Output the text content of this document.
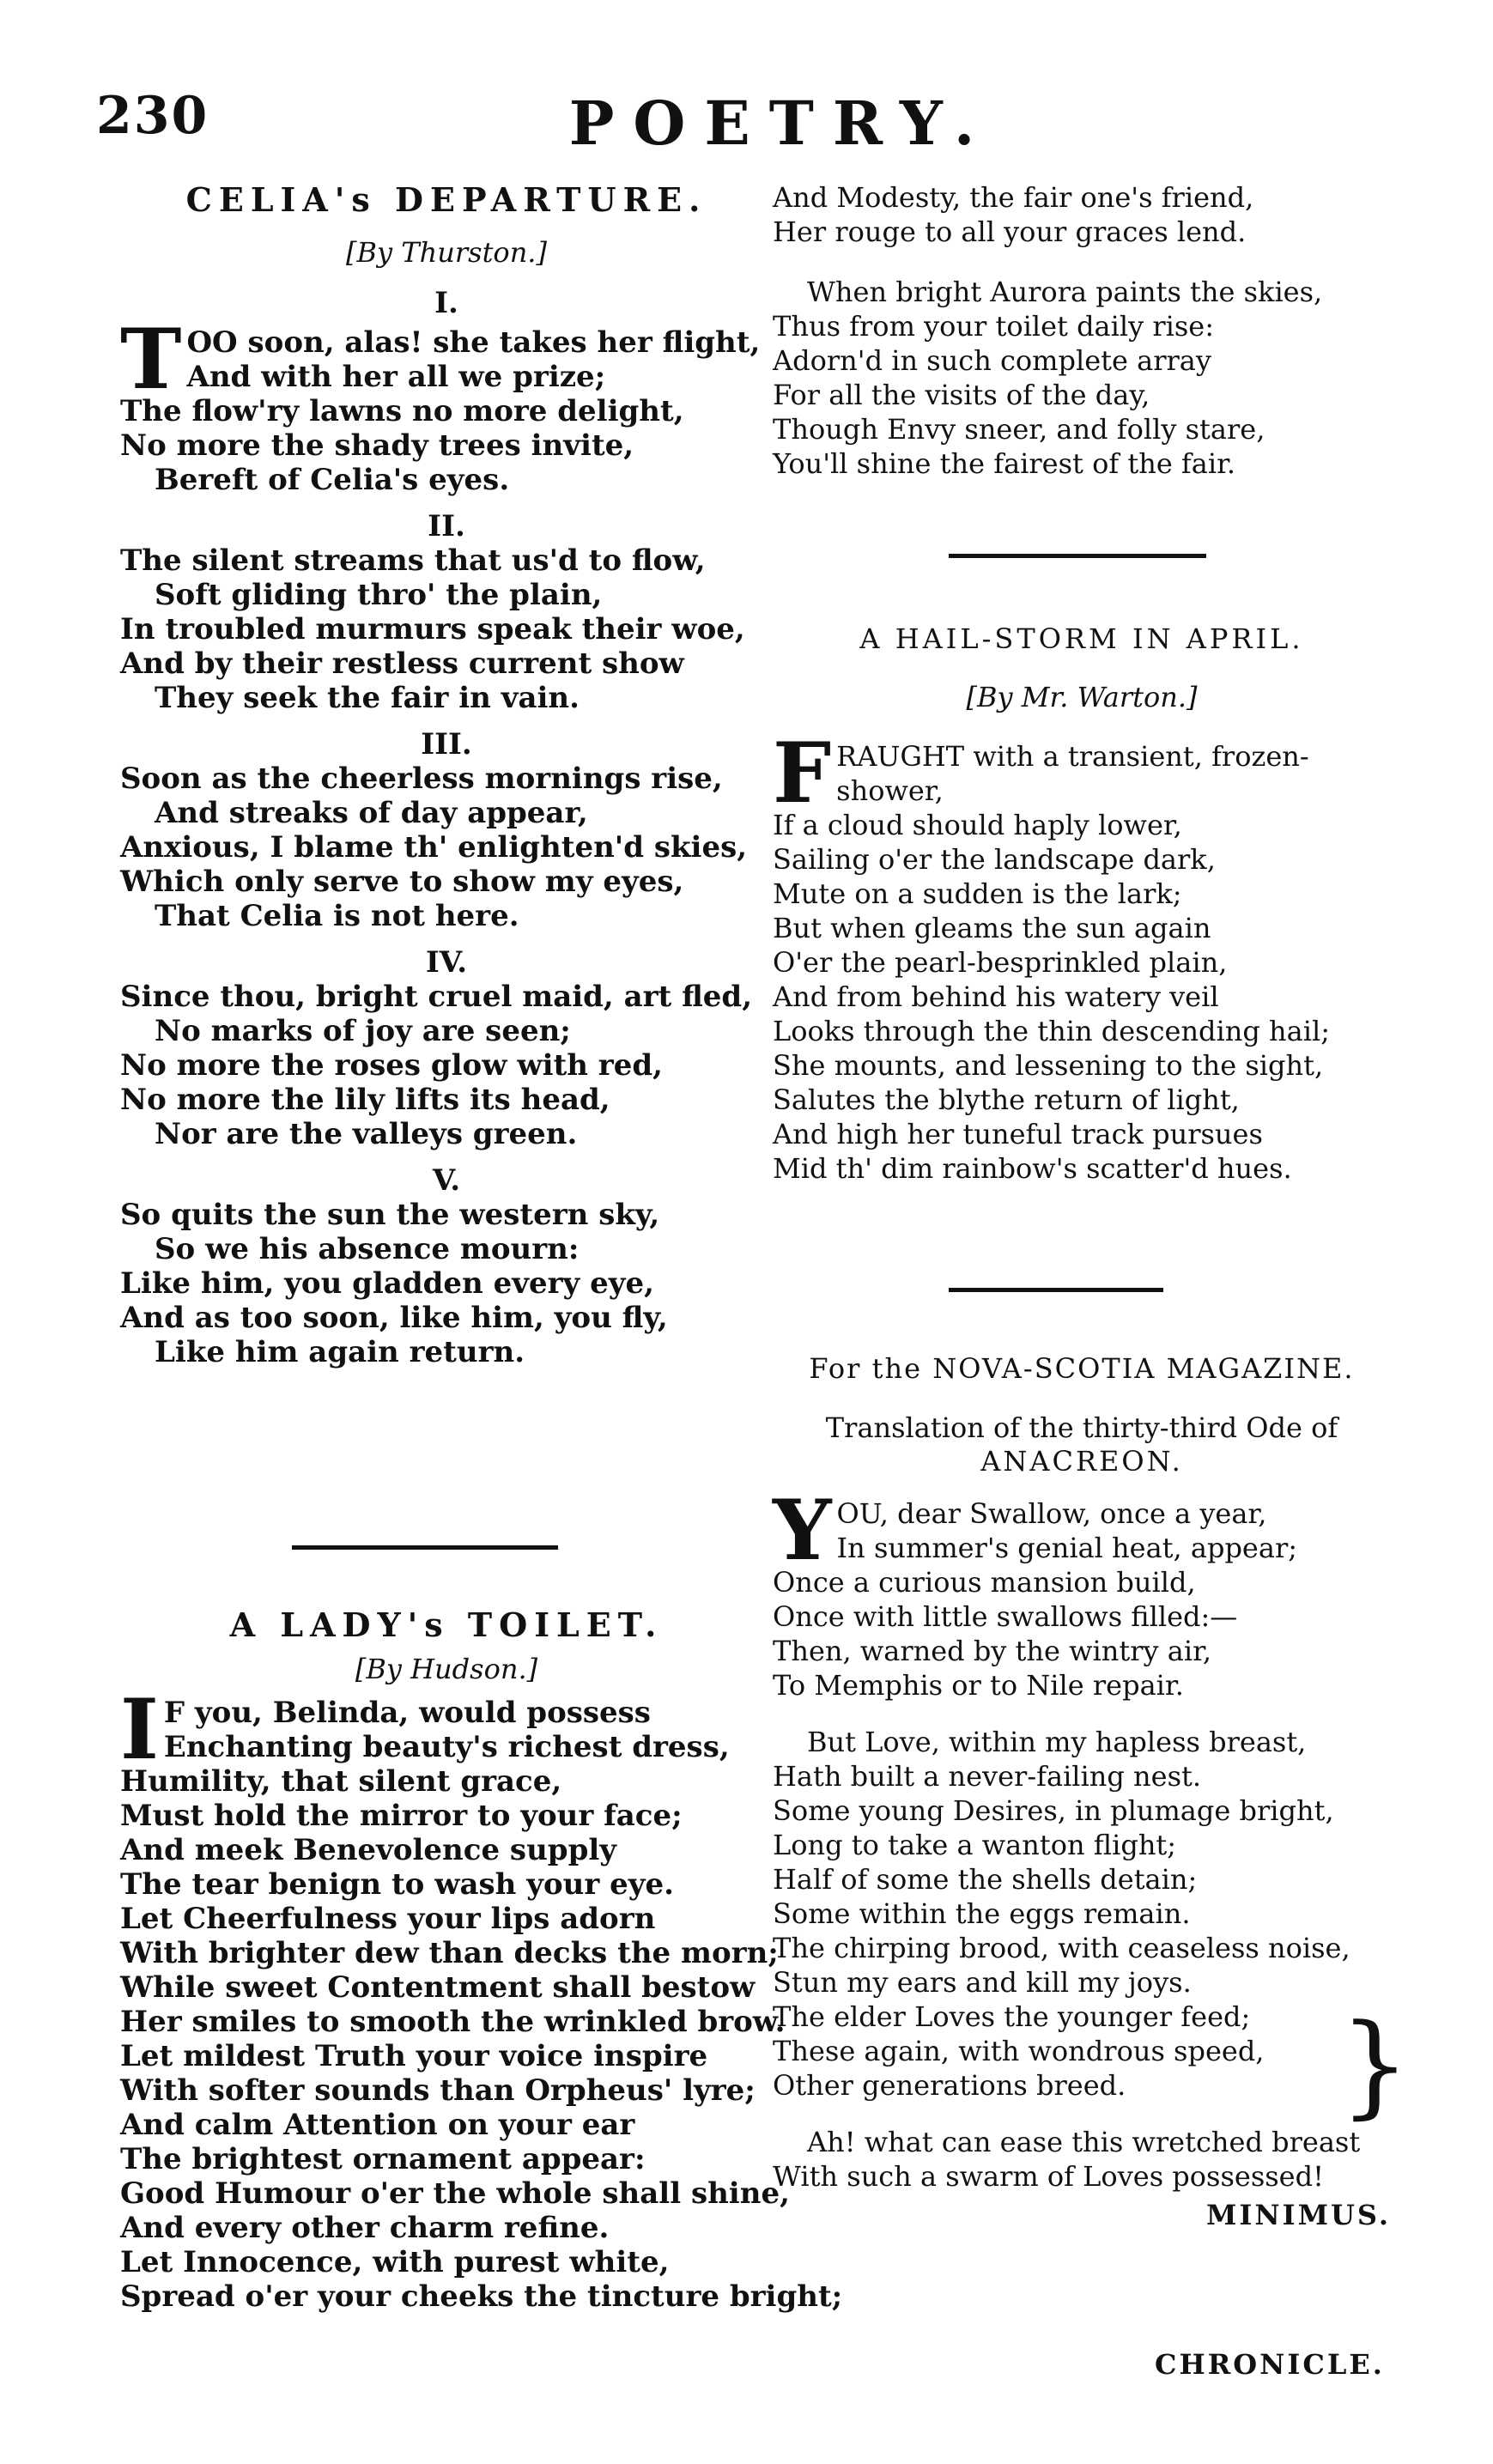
230	POETRY.
CELIA's DEPARTURE.
[By Thurston.]
I.
T OO soon, alas! she takes her flight,
And with her all we prize;
The flow'ry lawns no more delight,
No more the shady trees invite,
Bereft of Celia's eyes.
II.
The silent streams that us'd to flow,
Soft gliding thro' the plain,
In troubled murmurs speak their woe,
And by their restless current show
They seek the fair in vain.
III.
Soon as the cheerless mornings rise,
And streaks of day appear,
Anxious, I blame th' enlighten'd skies,
Which only serve to show my eyes,
That Celia is not here.
IV.
Since thou, bright cruel maid, art fled,
No marks of joy are seen;
No more the roses glow with red,
No more the lily lifts its head,
Nor are the valleys green.
V.
So quits the sun the western sky,
So we his absence mourn:
Like him, you gladden every eye,
And as too soon, like him, you fly,
Like him again return.
A LADY's TOILET.
[By Hudson.]
I F you, Belinda, would possess
Enchanting beauty's richest dress,
Humility, that silent grace,
Must hold the mirror to your face;
And meek Benevolence supply
The tear benign to wash your eye.
Let Cheerfulness your lips adorn
With brighter dew than decks the morn;
While sweet Contentment shall bestow
Her smiles to smooth the wrinkled brow.
Let mildest Truth your voice inspire
With softer sounds than Orpheus' lyre;
And calm Attention on your ear
The brightest ornament appear:
Good Humour o'er the whole shall shine,
And every other charm refine.
Let Innocence, with purest white,
Spread o'er your cheeks the tincture bright;
And Modesty, the fair one's friend,
Her rouge to all your graces lend.
When bright Aurora paints the skies,
Thus from your toilet daily rise:
Adorn'd in such complete array
For all the visits of the day,
Though Envy sneer, and folly stare,
You'll shine the fairest of the fair.
A HAIL-STORM IN APRIL.
[By Mr. Warton.]
F RAUGHT with a transient, frozen-
shower,
If a cloud should haply lower,
Sailing o'er the landscape dark,
Mute on a sudden is the lark;
But when gleams the sun again
O'er the pearl-besprinkled plain,
And from behind his watery veil
Looks through the thin descending hail;
She mounts, and lessening to the sight,
Salutes the blythe return of light,
And high her tuneful track pursues
Mid th' dim rainbow's scatter'd hues.
For the NOVA-SCOTIA MAGAZINE.
Translation of the thirty-third Ode of
ANACREON.
Y OU, dear Swallow, once a year,
In summer's genial heat, appear;
Once a curious mansion build,
Once with little swallows filled:—
Then, warned by the wintry air,
To Memphis or to Nile repair.
But Love, within my hapless breast,
Hath built a never-failing nest.
Some young Desires, in plumage bright,
Long to take a wanton flight;
Half of some the shells detain;
Some within the eggs remain.
The chirping brood, with ceaseless noise,
Stun my ears and kill my joys.
The elder Loves the younger feed;
These again, with wondrous speed,
Other generations breed.
Ah! what can ease this wretched breast
With such a swarm of Loves possessed!
MINIMUS.
}
CHRONICLE.
